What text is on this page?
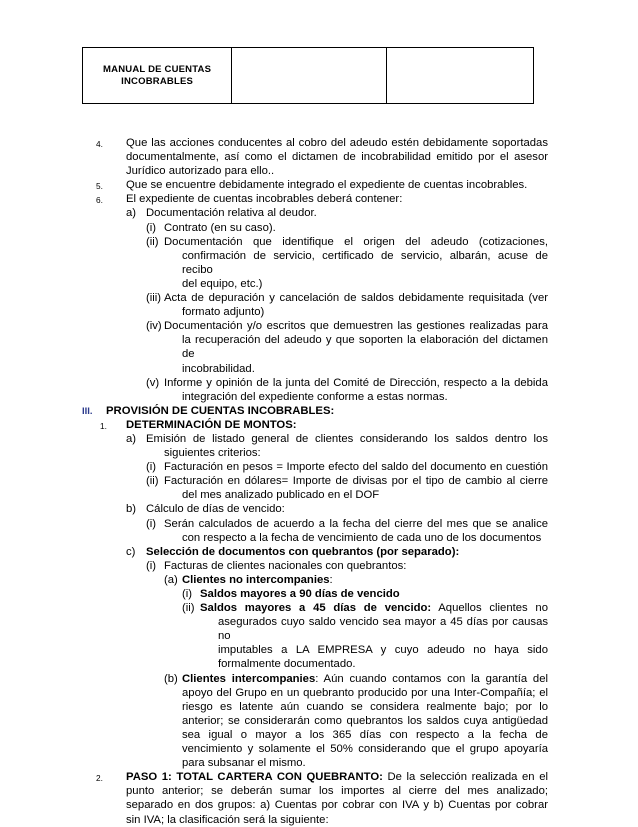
MANUAL DE CUENTAS
INCOBRABLES

4. Que las acciones conducentes al cobro del adeudo estén debidamente soportadas
documentalmente, así como el dictamen de incobrabilidad emitido por el asesor
Jurídico autorizado para ello..
5. Que se encuentre debidamente integrado el expediente de cuentas incobrables.
6. El expediente de cuentas incobrables deberá contener:
a) Documentación relativa al deudor.
(i) Contrato (en su caso).
(ii) Documentación que identifique el origen del adeudo (cotizaciones,
confirmación de servicio, certificado de servicio, albarán, acuse de recibo
del equipo, etc.)
(iii) Acta de depuración y cancelación de saldos debidamente requisitada (ver
formato adjunto)
(iv) Documentación y/o escritos que demuestren las gestiones realizadas para
la recuperación del adeudo y que soporten la elaboración del dictamen de
incobrabilidad.
(v) Informe y opinión de la junta del Comité de Dirección, respecto a la debida
integración del expediente conforme a estas normas.
III. PROVISIÓN DE CUENTAS INCOBRABLES:
1. DETERMINACIÓN DE MONTOS:
a) Emisión de listado general de clientes considerando los saldos dentro los
siguientes criterios:
(i) Facturación en pesos = Importe efecto del saldo del documento en cuestión
(ii) Facturación en dólares= Importe de divisas por el tipo de cambio al cierre
del mes analizado publicado en el DOF
b) Cálculo de días de vencido:
(i) Serán calculados de acuerdo a la fecha del cierre del mes que se analice
con respecto a la fecha de vencimiento de cada uno de los documentos
c) Selección de documentos con quebrantos (por separado):
(i) Facturas de clientes nacionales con quebrantos:
(a) Clientes no intercompanies:
(i) Saldos mayores a 90 días de vencido
(ii) Saldos mayores a 45 días de vencido: Aquellos clientes no
asegurados cuyo saldo vencido sea mayor a 45 días por causas no
imputables a LA EMPRESA y cuyo adeudo no haya sido
formalmente documentado.
(b) Clientes intercompanies: Aún cuando contamos con la garantía del
apoyo del Grupo en un quebranto producido por una Inter-Compañía; el
riesgo es latente aún cuando se considera realmente bajo; por lo
anterior; se considerarán como quebrantos los saldos cuya antigüedad
sea igual o mayor a los 365 días con respecto a la fecha de
vencimiento y solamente el 50% considerando que el grupo apoyaría
para subsanar el mismo.
2. PASO 1: TOTAL CARTERA CON QUEBRANTO: De la selección realizada en el
punto anterior; se deberán sumar los importes al cierre del mes analizado;
separado en dos grupos: a) Cuentas por cobrar con IVA y b) Cuentas por cobrar
sin IVA; la clasificación será la siguiente:
